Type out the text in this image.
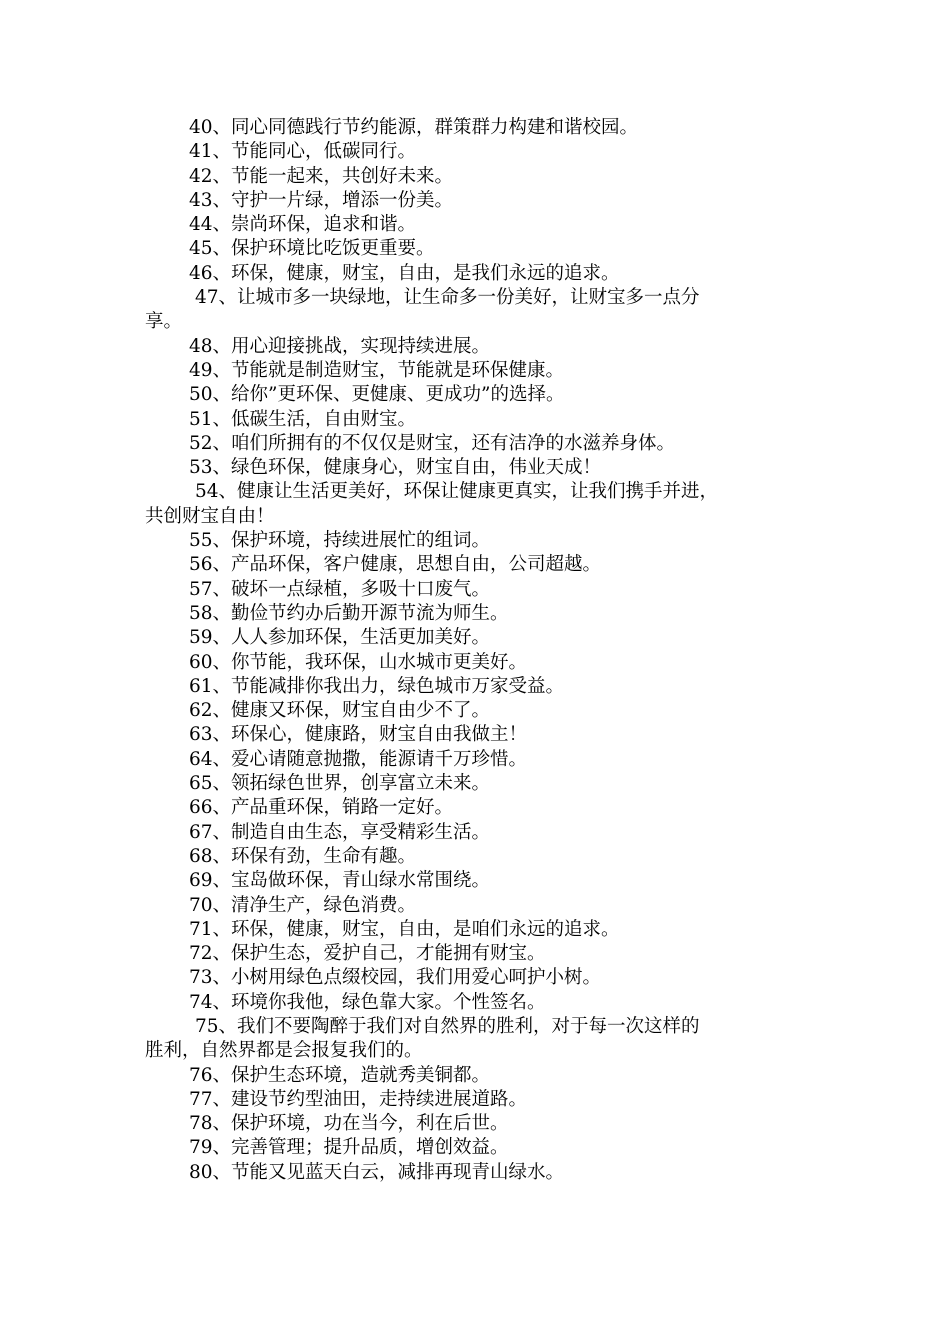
40、同心同德践行节约能源，群策群力构建和谐校园。
41、节能同心，低碳同行。
42、节能一起来，共创好未来。
43、守护一片绿，增添一份美。
44、崇尚环保，追求和谐。
45、保护环境比吃饭更重要。
46、环保，健康，财宝，自由，是我们永远的追求。
47、让城市多一块绿地，让生命多一份美好，让财宝多一点分
享。
48、用心迎接挑战，实现持续进展。
49、节能就是制造财宝，节能就是环保健康。
50、给你”更环保、更健康、更成功”的选择。
51、低碳生活，自由财宝。
52、咱们所拥有的不仅仅是财宝，还有洁净的水滋养身体。
53、绿色环保，健康身心，财宝自由，伟业天成！
54、健康让生活更美好，环保让健康更真实，让我们携手并进，
共创财宝自由！
55、保护环境，持续进展忙的组词。
56、产品环保，客户健康，思想自由，公司超越。
57、破坏一点绿植，多吸十口废气。
58、勤俭节约办后勤开源节流为师生。
59、人人参加环保，生活更加美好。
60、你节能，我环保，山水城市更美好。
61、节能减排你我出力，绿色城市万家受益。
62、健康又环保，财宝自由少不了。
63、环保心，健康路，财宝自由我做主！
64、爱心请随意抛撒，能源请千万珍惜。
65、领拓绿色世界，创享富立未来。
66、产品重环保，销路一定好。
67、制造自由生态，享受精彩生活。
68、环保有劲，生命有趣。
69、宝岛做环保，青山绿水常围绕。
70、清净生产，绿色消费。
71、环保，健康，财宝，自由，是咱们永远的追求。
72、保护生态，爱护自己，才能拥有财宝。
73、小树用绿色点缀校园，我们用爱心呵护小树。
74、环境你我他，绿色靠大家。个性签名。
75、我们不要陶醉于我们对自然界的胜利，对于每一次这样的
胜利，自然界都是会报复我们的。
76、保护生态环境，造就秀美铜都。
77、建设节约型油田，走持续进展道路。
78、保护环境，功在当今，利在后世。
79、完善管理；提升品质，增创效益。
80、节能又见蓝天白云，减排再现青山绿水。
